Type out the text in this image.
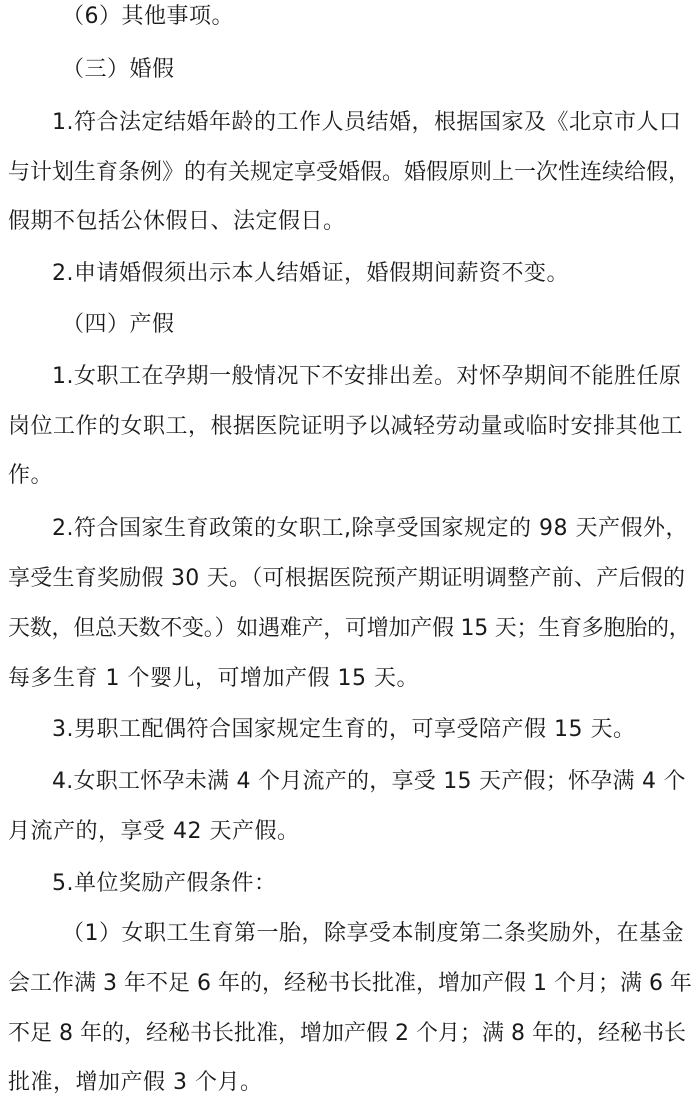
（6）其他事项。
（三）婚假
1.符合法定结婚年龄的工作人员结婚，根据国家及《北京市人口
与计划生育条例》的有关规定享受婚假。婚假原则上一次性连续给假，
假期不包括公休假日、法定假日。
2.申请婚假须出示本人结婚证，婚假期间薪资不变。
（四）产假
1.女职工在孕期一般情况下不安排出差。对怀孕期间不能胜任原
岗位工作的女职工，根据医院证明予以减轻劳动量或临时安排其他工
作。
2.符合国家生育政策的女职工,除享受国家规定的 98 天产假外，
享受生育奖励假 30 天。（可根据医院预产期证明调整产前、产后假的
天数，但总天数不变。）如遇难产，可增加产假 15 天；生育多胞胎的，
每多生育 1 个婴儿，可增加产假 15 天。
3.男职工配偶符合国家规定生育的，可享受陪产假 15 天。
4.女职工怀孕未满 4 个月流产的，享受 15 天产假；怀孕满 4 个
月流产的，享受 42 天产假。
5.单位奖励产假条件：
（1）女职工生育第一胎，除享受本制度第二条奖励外，在基金
会工作满 3 年不足 6 年的，经秘书长批准，增加产假 1 个月；满 6 年
不足 8 年的，经秘书长批准，增加产假 2 个月；满 8 年的，经秘书长
批准，增加产假 3 个月。
